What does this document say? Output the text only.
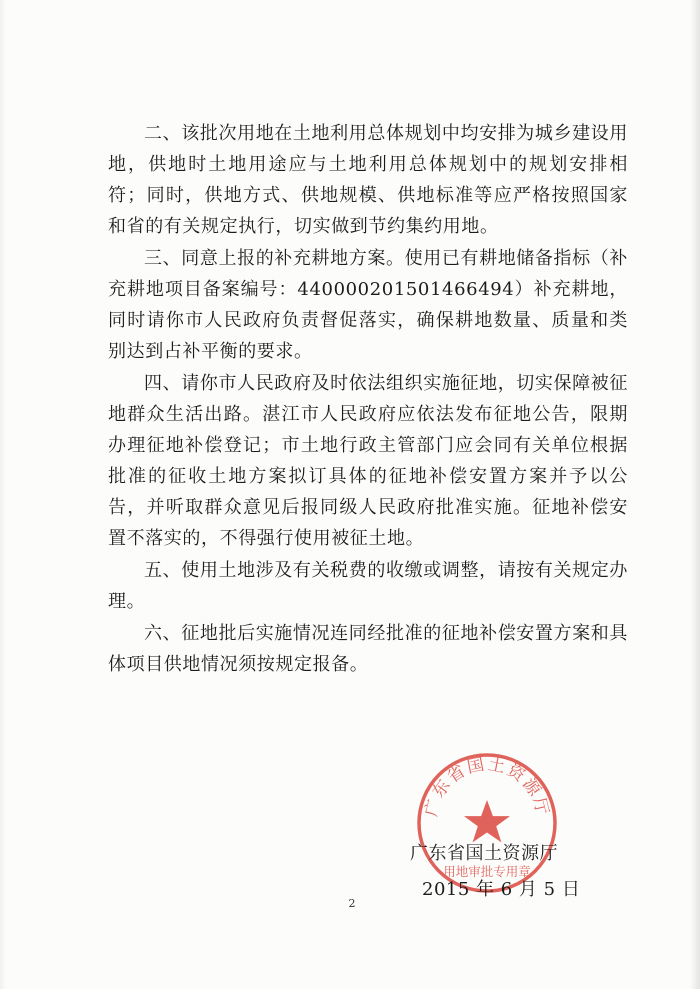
二、该批次用地在土地利用总体规划中均安排为城乡建设用地，供地时土地用途应与土地利用总体规划中的规划安排相符；同时，供地方式、供地规模、供地标准等应严格按照国家和省的有关规定执行，切实做到节约集约用地。

三、同意上报的补充耕地方案。使用已有耕地储备指标（补充耕地项目备案编号：440000201501466494）补充耕地，同时请你市人民政府负责督促落实，确保耕地数量、质量和类别达到占补平衡的要求。

四、请你市人民政府及时依法组织实施征地，切实保障被征地群众生活出路。湛江市人民政府应依法发布征地公告，限期办理征地补偿登记；市土地行政主管部门应会同有关单位根据批准的征收土地方案拟订具体的征地补偿安置方案并予以公告，并听取群众意见后报同级人民政府批准实施。征地补偿安置不落实的，不得强行使用被征土地。

五、使用土地涉及有关税费的收缴或调整，请按有关规定办理。

六、征地批后实施情况连同经批准的征地补偿安置方案和具体项目供地情况须按规定报备。

广东省国土资源厅
用地审批专用章
广东省国土资源厅
2015 年 6 月 5 日
2
